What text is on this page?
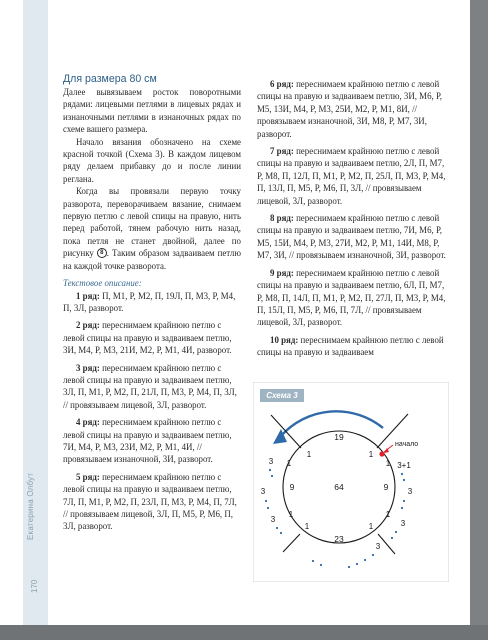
Екатерина Олбут
170

Для размера 80 см

Далее вывязываем росток поворотными рядами: лицевыми петлями в лицевых рядах и изнаночными петлями в изнаночных рядах по схеме вашего размера.

Начало вязания обозначено на схеме красной точкой (Схема 3). В каждом лицевом ряду делаем прибавку до и после линии реглана.

Когда вы провязали первую точку разворота, переворачиваем вязание, снимаем первую петлю с левой спицы на правую, нить перед работой, тянем рабочую нить назад, пока петля не станет двойной, далее по рисунку 8 . Таким образом задваиваем петлю на каждой точке разворота.

Текстовое описание:

1 ряд: П, М1, Р, М2, П, 19Л, П, М3, Р, М4, П, 3Л, разворот.

2 ряд: переснимаем крайнюю петлю с левой спицы на правую и задваиваем петлю, 3И, М4, Р, М3, 21И, М2, Р, М1, 4И, разворот.

3 ряд: переснимаем крайнюю петлю с левой спицы на правую и задваиваем петлю, 3Л, П, М1, Р, М2, П, 21Л, П, М3, Р, М4, П, 3Л, // провязываем лицевой, 3Л, разворот.

4 ряд: переснимаем крайнюю петлю с левой спицы на правую и задваиваем петлю, 7И, М4, Р, М3, 23И, М2, Р, М1, 4И, // провязываем изнаночной, 3И, разворот.

5 ряд: переснимаем крайнюю петлю с левой спицы на правую и задваиваем петлю, 7Л, П, М1, Р, М2, П, 23Л, П, М3, Р, М4, П, 7Л, // провязываем лицевой, 3Л, П, М5, Р, М6, П, 3Л, разворот.

6 ряд: переснимаем крайнюю петлю с левой спицы на правую и задваиваем петлю, 3И, М6, Р, М5, 13И, М4, Р, М3, 25И, М2, Р, М1, 8И, // провязываем изнаночной, 3И, М8, Р, М7, 3И, разворот.

7 ряд: переснимаем крайнюю петлю с левой спицы на правую и задваиваем петлю, 2Л, П, М7, Р, М8, П, 12Л, П, М1, Р, М2, П, 25Л, П, М3, Р, М4, П, 13Л, П, М5, Р, М6, П, 3Л, // провязываем лицевой, 3Л, разворот.

8 ряд: переснимаем крайнюю петлю с левой спицы на правую и задваиваем петлю, 7И, М6, Р, М5, 15И, М4, Р, М3, 27И, М2, Р, М1, 14И, М8, Р, М7, 3И, // провязываем изнаночной, 3И, разворот.

9 ряд: переснимаем крайнюю петлю с левой спицы на правую и задваиваем петлю, 6Л, П, М7, Р, М8, П, 14Л, П, М1, Р, М2, П, 27Л, П, М3, Р, М4, П, 15Л, П, М5, Р, М6, П, 7Л, // провязываем лицевой, 3Л, разворот.

10 ряд: переснимаем крайнюю петлю с левой спицы на правую и задваиваем

начало
19
64
23
9	9
1	1
1	1
1	1
1	1
3
3
3
3
3
3
3+1
Схема 3
